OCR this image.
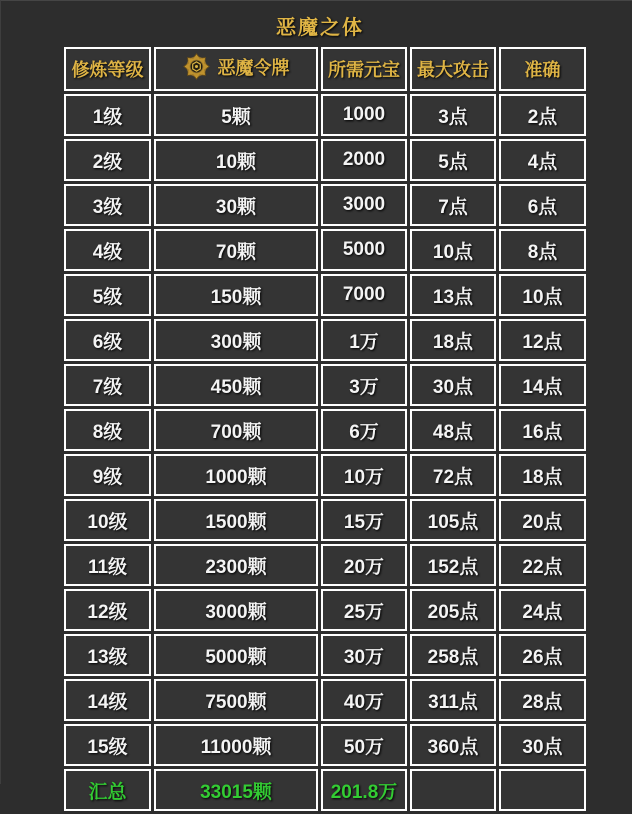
恶魔之体
修炼等级	恶魔令牌	所需元宝	最大攻击	准确
1级	5颗	1000	3点	2点
2级	10颗	2000	5点	4点
3级	30颗	3000	7点	6点
4级	70颗	5000	10点	8点
5级	150颗	7000	13点	10点
6级	300颗	1万	18点	12点
7级	450颗	3万	30点	14点
8级	700颗	6万	48点	16点
9级	1000颗	10万	72点	18点
10级	1500颗	15万	105点	20点
11级	2300颗	20万	152点	22点
12级	3000颗	25万	205点	24点
13级	5000颗	30万	258点	26点
14级	7500颗	40万	311点	28点
15级	11000颗	50万	360点	30点
汇总	33015颗	201.8万		
